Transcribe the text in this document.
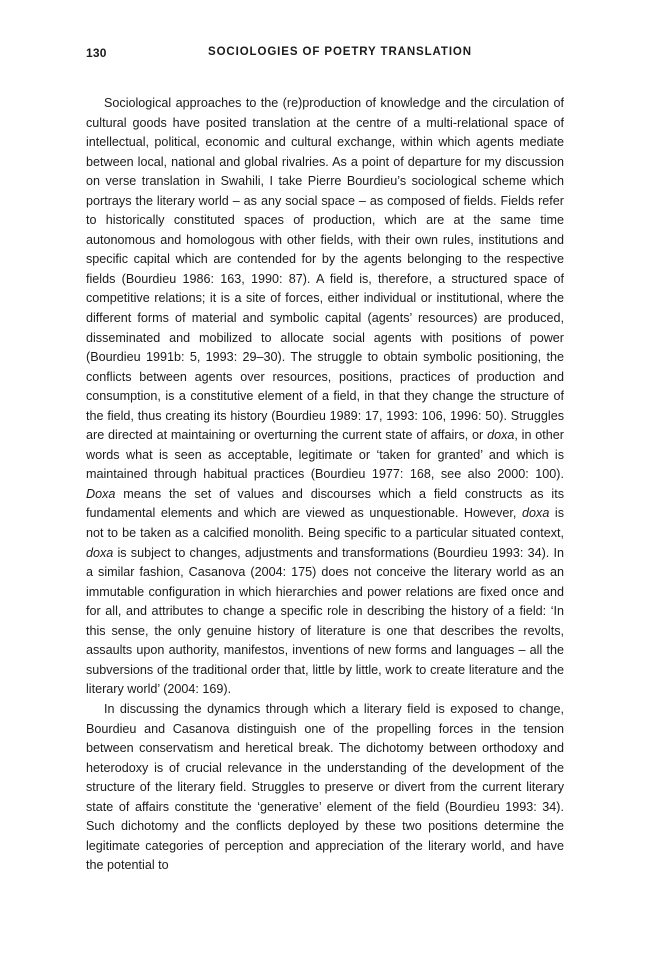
130	SOCIOLOGIES OF POETRY TRANSLATION

Sociological approaches to the (re)production of knowledge and the circulation of cultural goods have posited translation at the centre of a multi-relational space of intellectual, political, economic and cultural exchange, within which agents mediate between local, national and global rivalries. As a point of departure for my discussion on verse translation in Swahili, I take Pierre Bourdieu’s sociological scheme which portrays the literary world – as any social space – as composed of fields. Fields refer to historically constituted spaces of production, which are at the same time autonomous and homologous with other fields, with their own rules, institutions and specific capital which are contended for by the agents belonging to the respective fields (Bourdieu 1986: 163, 1990: 87). A field is, therefore, a structured space of competitive relations; it is a site of forces, either individual or institutional, where the different forms of material and symbolic capital (agents’ resources) are produced, disseminated and mobilized to allocate social agents with positions of power (Bourdieu 1991b: 5, 1993: 29–30). The struggle to obtain symbolic positioning, the conflicts between agents over resources, positions, practices of production and consumption, is a constitutive element of a field, in that they change the structure of the field, thus creating its history (Bourdieu 1989: 17, 1993: 106, 1996: 50). Struggles are directed at maintaining or overturning the current state of affairs, or doxa, in other words what is seen as acceptable, legitimate or ‘taken for granted’ and which is maintained through habitual practices (Bourdieu 1977: 168, see also 2000: 100). Doxa means the set of values and discourses which a field constructs as its fundamental elements and which are viewed as unquestionable. However, doxa is not to be taken as a calcified monolith. Being specific to a particular situated context, doxa is subject to changes, adjustments and transformations (Bourdieu 1993: 34). In a similar fashion, Casanova (2004: 175) does not conceive the literary world as an immutable configuration in which hierarchies and power relations are fixed once and for all, and attributes to change a specific role in describing the history of a field: ‘In this sense, the only genuine history of literature is one that describes the revolts, assaults upon authority, manifestos, inventions of new forms and languages – all the subversions of the traditional order that, little by little, work to create literature and the literary world’ (2004: 169).

In discussing the dynamics through which a literary field is exposed to change, Bourdieu and Casanova distinguish one of the propelling forces in the tension between conservatism and heretical break. The dichotomy between orthodoxy and heterodoxy is of crucial relevance in the understanding of the development of the structure of the literary field. Struggles to preserve or divert from the current literary state of affairs constitute the ‘generative’ element of the field (Bourdieu 1993: 34). Such dichotomy and the conflicts deployed by these two positions determine the legitimate categories of perception and appreciation of the literary world, and have the potential to
